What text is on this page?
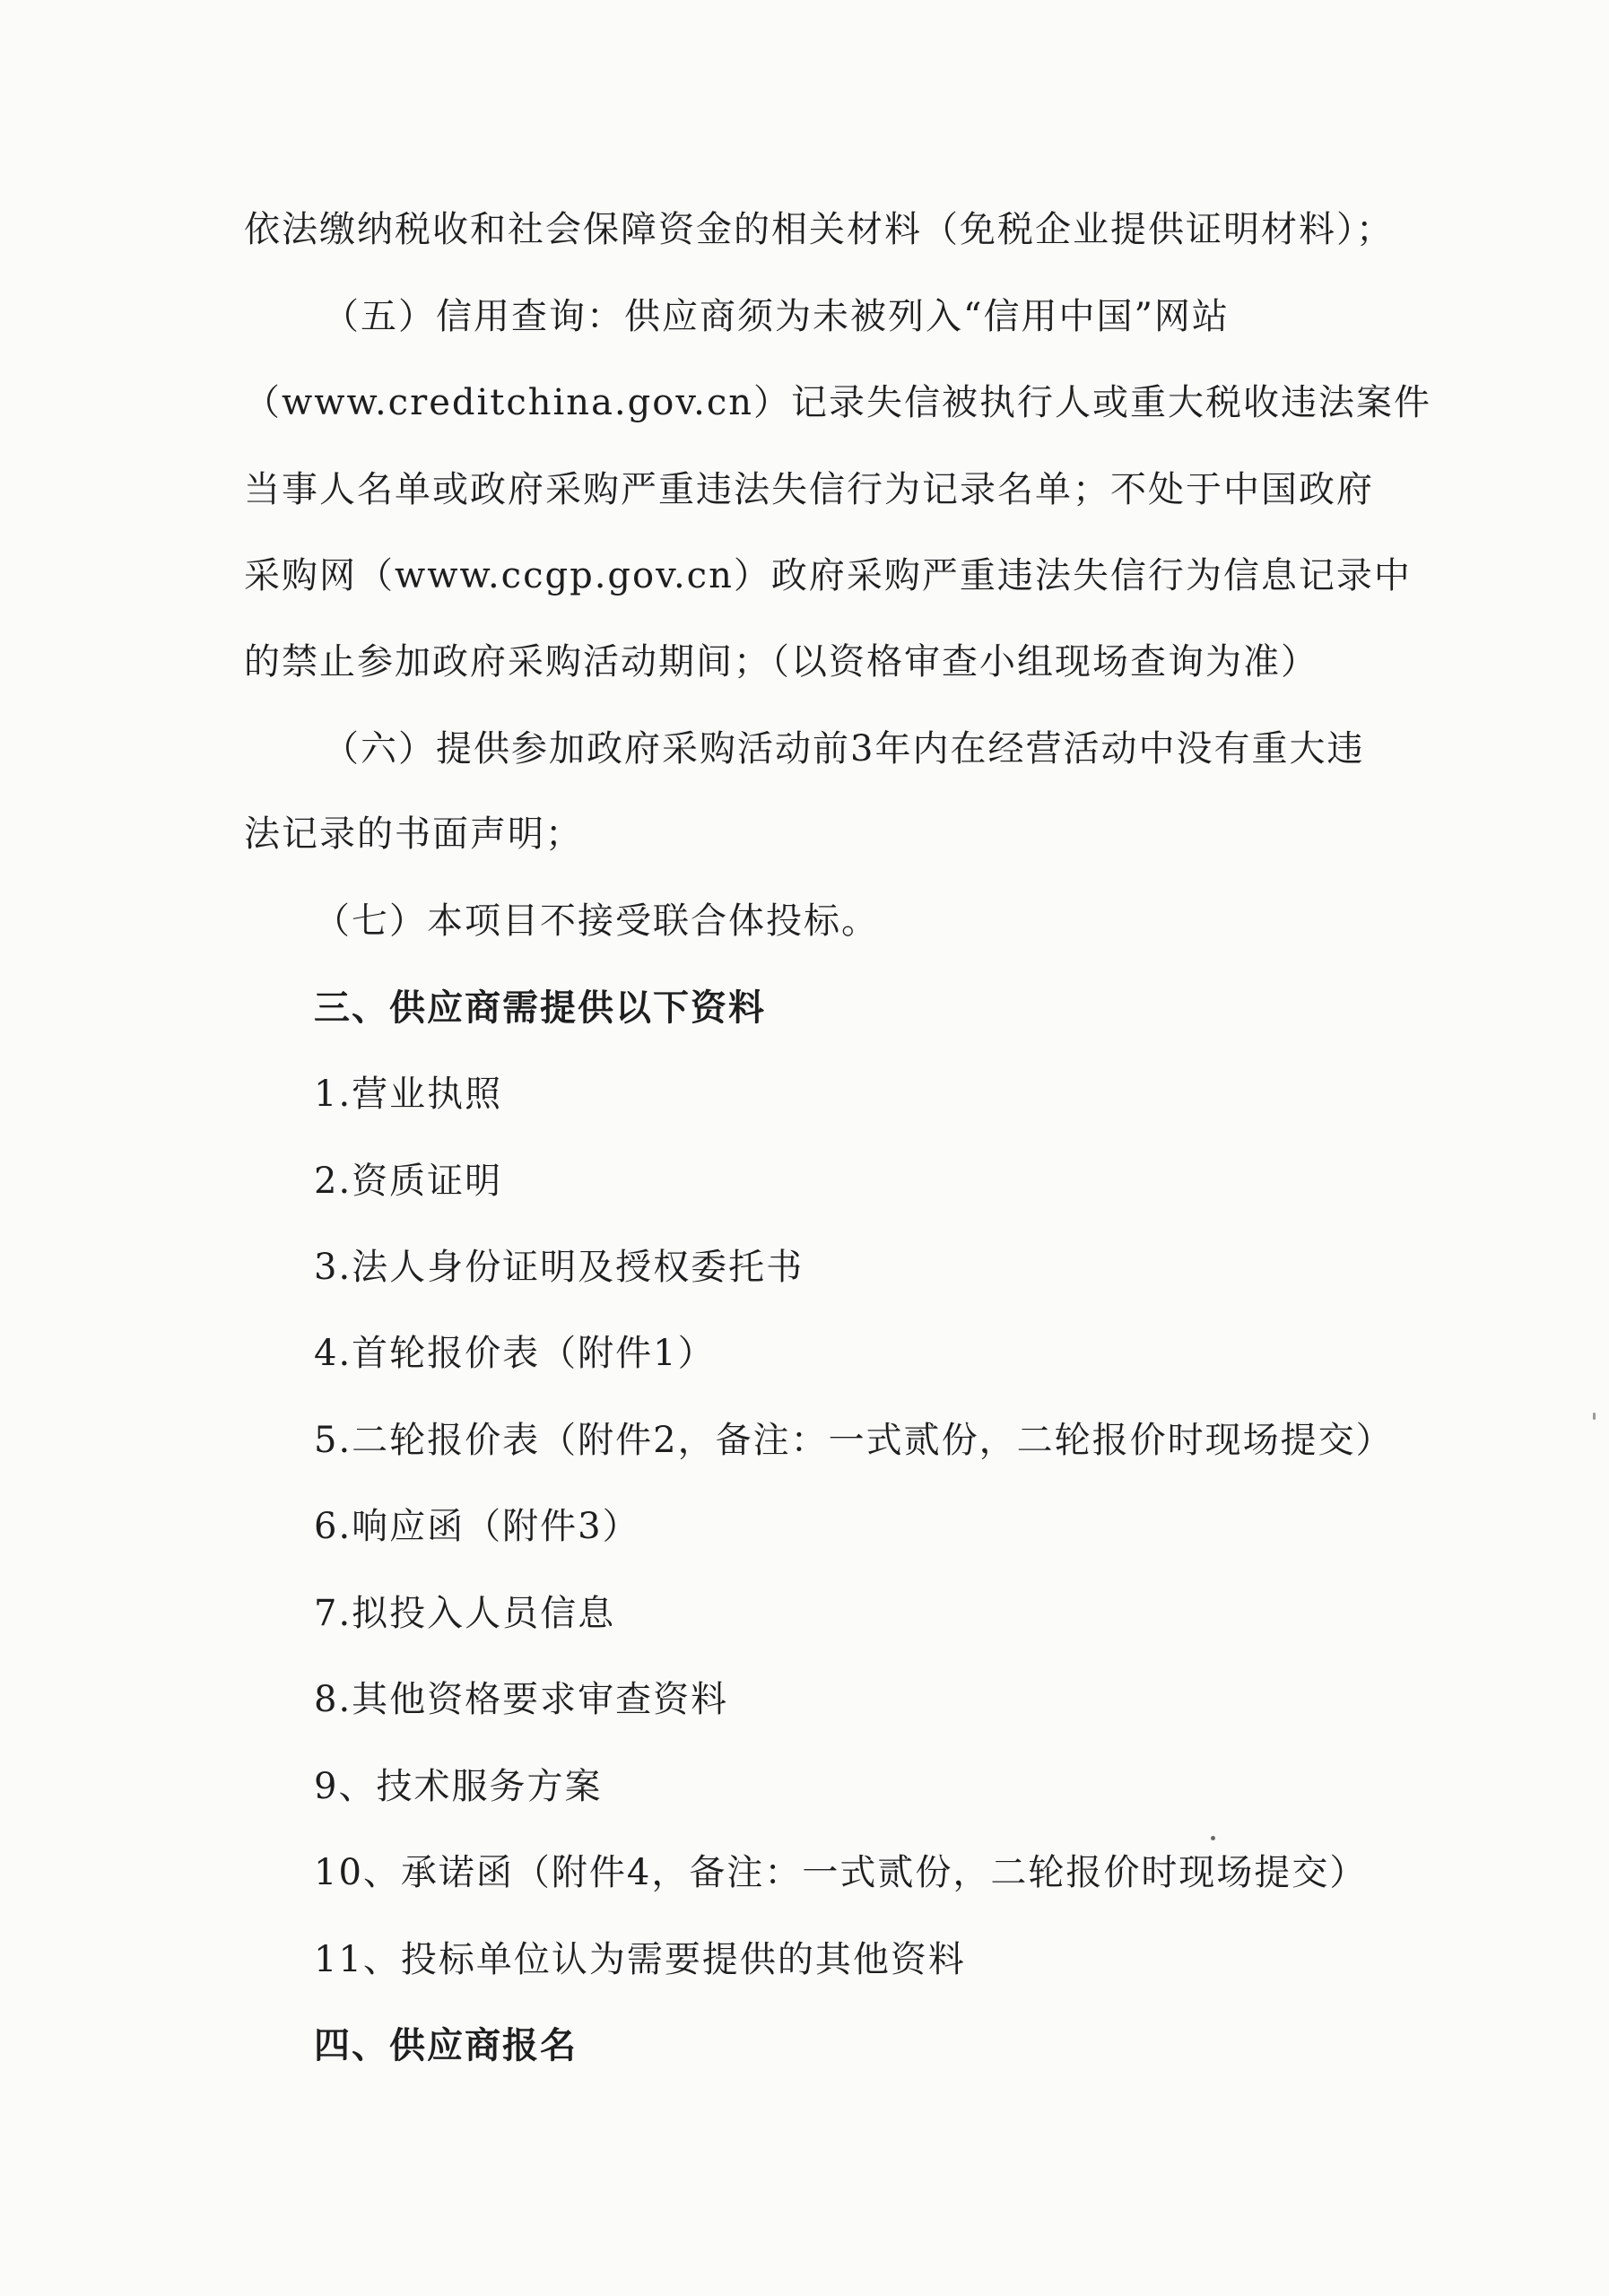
依法缴纳税收和社会保障资金的相关材料（免税企业提供证明材料）；
（五）信用查询：供应商须为未被列入“信用中国”网站
（www.creditchina.gov.cn）记录失信被执行人或重大税收违法案件
当事人名单或政府采购严重违法失信行为记录名单；不处于中国政府
采购网（www.ccgp.gov.cn）政府采购严重违法失信行为信息记录中
的禁止参加政府采购活动期间；（以资格审查小组现场查询为准）
（六）提供参加政府采购活动前3年内在经营活动中没有重大违
法记录的书面声明；
（七）本项目不接受联合体投标。
三、供应商需提供以下资料
1.营业执照
2.资质证明
3.法人身份证明及授权委托书
4.首轮报价表（附件1）
5.二轮报价表（附件2，备注：一式贰份，二轮报价时现场提交）
6.响应函（附件3）
7.拟投入人员信息
8.其他资格要求审查资料
9、技术服务方案
10、承诺函（附件4，备注：一式贰份，二轮报价时现场提交）
11、投标单位认为需要提供的其他资料
四、供应商报名
